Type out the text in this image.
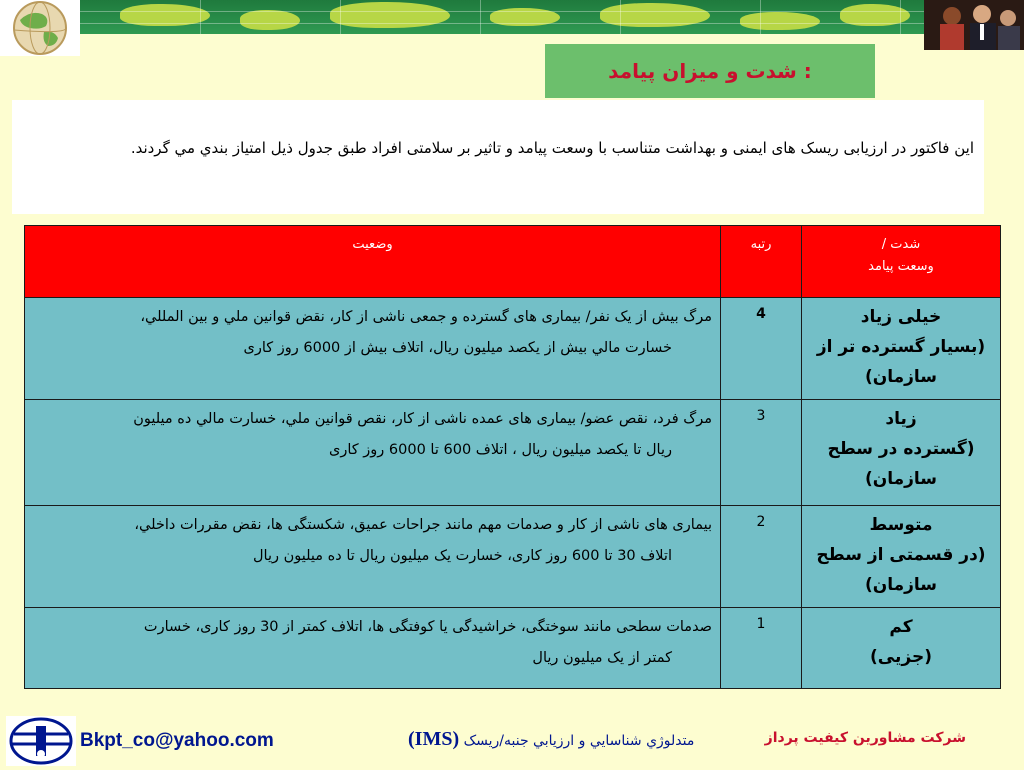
شدت و ميزان پيامد :
اين فاکتور در ارزيابی ريسک های ايمنی و بهداشت متناسب با وسعت پيامد و تاثير بر سلامتی افراد طبق جدول ذيل امتياز بندي مي گردند.
شدت /
وسعت پيامد	رتبه	وضعيت
خيلی زياد
(بسيار گسترده تر از
سازمان)	4	مرگ بيش از يک نفر/ بيماری های گسترده و جمعی ناشی از کار، نقض قوانين ملي و بين المللي،
خسارت مالي بيش از يکصد ميليون ريال، اتلاف بيش از 6000 روز کاری
زياد
(گسترده در سطح
سازمان)	3	مرگ فرد، نقص عضو/ بيماری های عمده ناشی از کار، نقص قوانين ملي، خسارت مالي ده ميليون
ريال تا يکصد ميليون ريال ، اتلاف 600 تا 6000 روز کاری
متوسط
(در قسمتی از سطح
سازمان)	2	بيماری های ناشی از کار و صدمات مهم مانند جراحات عميق، شکستگی ها، نقض مقررات داخلي،
اتلاف 30 تا 600 روز کاری، خسارت يک ميليون ريال تا ده ميليون ريال
کم
(جزيی)	1	صدمات سطحی مانند سوختگی، خراشيدگی يا کوفتگی ها، اتلاف کمتر از 30 روز کاری، خسارت
کمتر از يک ميليون ريال
Bkpt_co@yahoo.com	متدلوژي شناسايي و ارزيابي جنبه/ريسک (IMS)	شرکت مشاورين کيفيت پرداز
